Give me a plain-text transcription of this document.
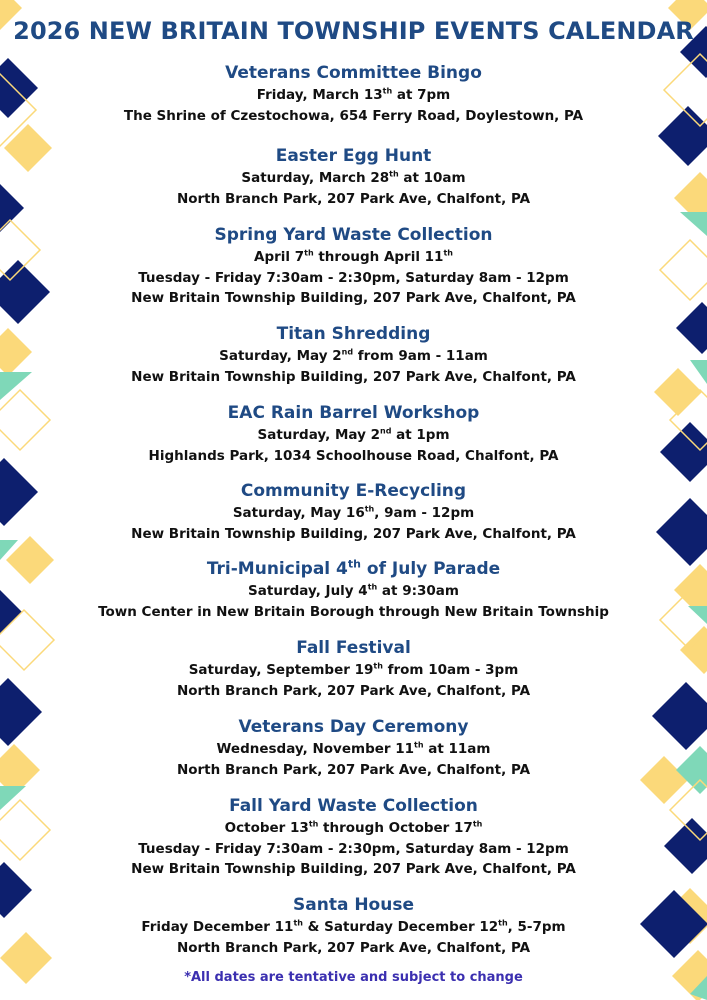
2026 NEW BRITAIN TOWNSHIP EVENTS CALENDAR
Veterans Committee Bingo
Friday, March 13th at 7pm
The Shrine of Czestochowa, 654 Ferry Road, Doylestown, PA
Easter Egg Hunt
Saturday, March 28th at 10am
North Branch Park, 207 Park Ave, Chalfont, PA
Spring Yard Waste Collection
April 7th through April 11th
Tuesday - Friday 7:30am - 2:30pm, Saturday 8am - 12pm
New Britain Township Building, 207 Park Ave, Chalfont, PA
Titan Shredding
Saturday, May 2nd from 9am - 11am
New Britain Township Building, 207 Park Ave, Chalfont, PA
EAC Rain Barrel Workshop
Saturday, May 2nd at 1pm
Highlands Park, 1034 Schoolhouse Road, Chalfont, PA
Community E-Recycling
Saturday, May 16th, 9am - 12pm
New Britain Township Building, 207 Park Ave, Chalfont, PA
Tri-Municipal 4th of July Parade
Saturday, July 4th at 9:30am
Town Center in New Britain Borough through New Britain Township
Fall Festival
Saturday, September 19th from 10am - 3pm
North Branch Park, 207 Park Ave, Chalfont, PA
Veterans Day Ceremony
Wednesday, November 11th at 11am
North Branch Park, 207 Park Ave, Chalfont, PA
Fall Yard Waste Collection
October 13th through October 17th
Tuesday - Friday 7:30am - 2:30pm, Saturday 8am - 12pm
New Britain Township Building, 207 Park Ave, Chalfont, PA
Santa House
Friday December 11th & Saturday December 12th, 5-7pm
North Branch Park, 207 Park Ave, Chalfont, PA
*All dates are tentative and subject to change
